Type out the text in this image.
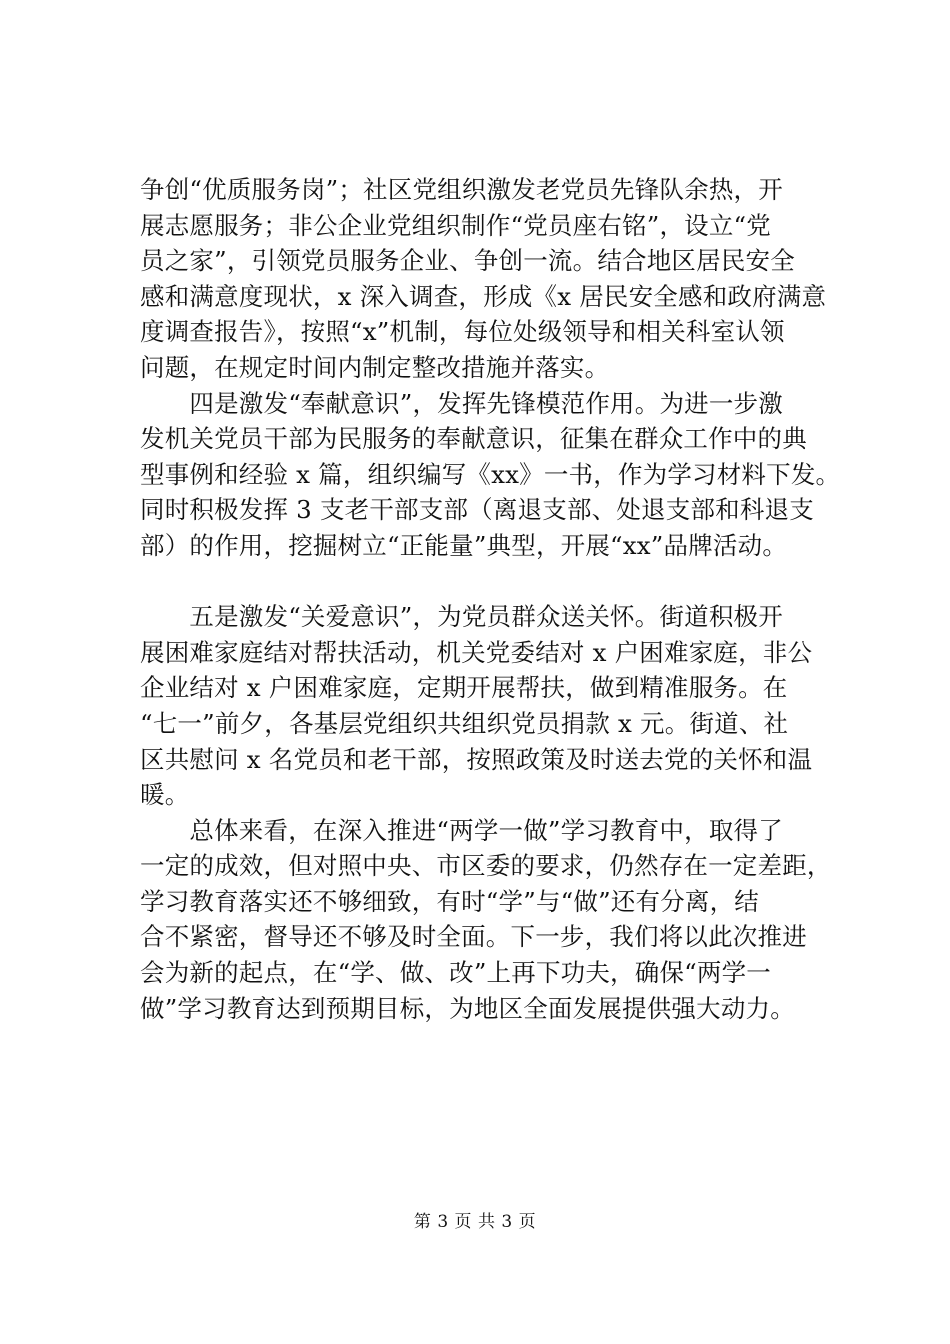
争创“优质服务岗”；社区党组织激发老党员先锋队余热，开
展志愿服务；非公企业党组织制作“党员座右铭”，设立“党
员之家”，引领党员服务企业、争创一流。结合地区居民安全
感和满意度现状，x 深入调查，形成《x 居民安全感和政府满意
度调查报告》，按照“x”机制，每位处级领导和相关科室认领
问题，在规定时间内制定整改措施并落实。
　　四是激发“奉献意识”，发挥先锋模范作用。为进一步激
发机关党员干部为民服务的奉献意识，征集在群众工作中的典
型事例和经验 x 篇，组织编写《xx》一书，作为学习材料下发。
同时积极发挥 3 支老干部支部（离退支部、处退支部和科退支
部）的作用，挖掘树立“正能量”典型，开展“xx”品牌活动。
　　五是激发“关爱意识”，为党员群众送关怀。街道积极开
展困难家庭结对帮扶活动，机关党委结对 x 户困难家庭，非公
企业结对 x 户困难家庭，定期开展帮扶，做到精准服务。在
“七一”前夕，各基层党组织共组织党员捐款 x 元。街道、社
区共慰问 x 名党员和老干部，按照政策及时送去党的关怀和温
暖。
　　总体来看，在深入推进“两学一做”学习教育中，取得了
一定的成效，但对照中央、市区委的要求，仍然存在一定差距，
学习教育落实还不够细致，有时“学”与“做”还有分离，结
合不紧密，督导还不够及时全面。下一步，我们将以此次推进
会为新的起点，在“学、做、改”上再下功夫，确保“两学一
做”学习教育达到预期目标，为地区全面发展提供强大动力。
第 3 页 共 3 页
